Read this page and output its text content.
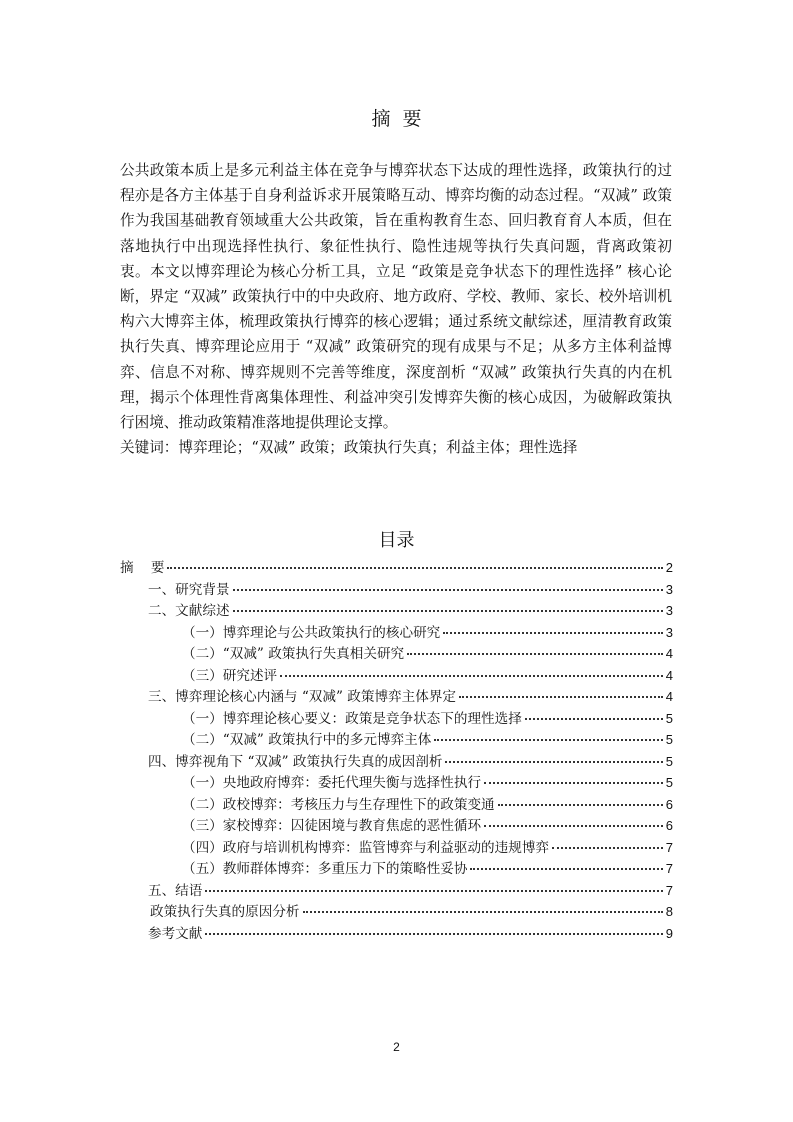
摘  要

公共政策本质上是多元利益主体在竞争与博弈状态下达成的理性选择，政策执行的过程亦是各方主体基于自身利益诉求开展策略互动、博弈均衡的动态过程。“双减” 政策作为我国基础教育领域重大公共政策，旨在重构教育生态、回归教育育人本质，但在落地执行中出现选择性执行、象征性执行、隐性违规等执行失真问题，背离政策初衷。本文以博弈理论为核心分析工具，立足 “政策是竞争状态下的理性选择” 核心论断，界定 “双减” 政策执行中的中央政府、地方政府、学校、教师、家长、校外培训机构六大博弈主体，梳理政策执行博弈的核心逻辑；通过系统文献综述，厘清教育政策执行失真、博弈理论应用于 “双减” 政策研究的现有成果与不足；从多方主体利益博弈、信息不对称、博弈规则不完善等维度，深度剖析 “双减” 政策执行失真的内在机理，揭示个体理性背离集体理性、利益冲突引发博弈失衡的核心成因，为破解政策执行困境、推动政策精准落地提供理论支撑。

关键词：博弈理论；“双减” 政策；政策执行失真；利益主体；理性选择

目录
摘    要	2
一、研究背景	3
二、文献综述	3
（一）博弈理论与公共政策执行的核心研究	3
（二）“双减” 政策执行失真相关研究	4
（三）研究述评	4
三、博弈理论核心内涵与 “双减” 政策博弈主体界定	4
（一）博弈理论核心要义：政策是竞争状态下的理性选择	5
（二）“双减” 政策执行中的多元博弈主体	5
四、博弈视角下 “双减” 政策执行失真的成因剖析	5
（一）央地政府博弈：委托代理失衡与选择性执行	5
（二）政校博弈：考核压力与生存理性下的政策变通	6
（三）家校博弈：囚徒困境与教育焦虑的恶性循环	6
（四）政府与培训机构博弈：监管博弈与利益驱动的违规博弈	7
（五）教师群体博弈：多重压力下的策略性妥协	7
五、结语	7
政策执行失真的原因分析	8
参考文献	9
2
